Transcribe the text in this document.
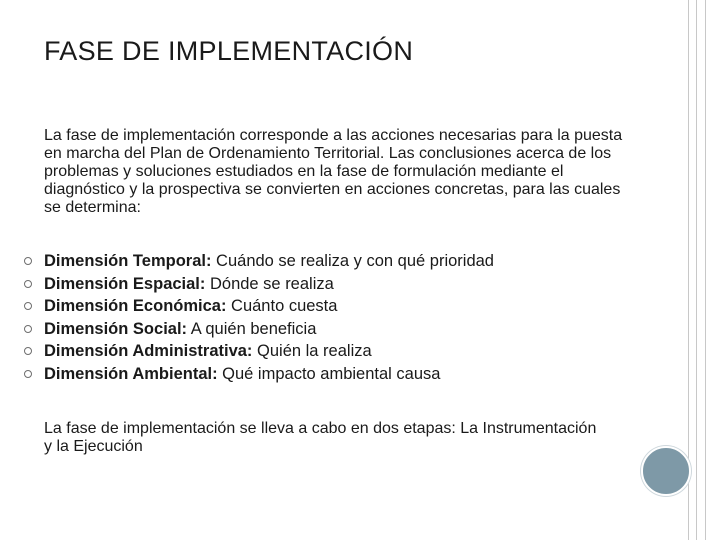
FASE DE IMPLEMENTACIÓN

La fase de implementación corresponde a las acciones necesarias para la puesta en marcha del Plan de Ordenamiento Territorial. Las conclusiones acerca de los problemas y soluciones estudiados en la fase de formulación mediante el diagnóstico y la prospectiva se convierten en acciones concretas, para las cuales se determina:

Dimensión Temporal: Cuándo se realiza y con qué prioridad
Dimensión Espacial: Dónde se realiza
Dimensión Económica: Cuánto cuesta
Dimensión Social: A quién beneficia
Dimensión Administrativa: Quién la realiza
Dimensión Ambiental: Qué impacto ambiental causa

La fase de implementación se lleva a cabo en dos etapas: La Instrumentación y la Ejecución
